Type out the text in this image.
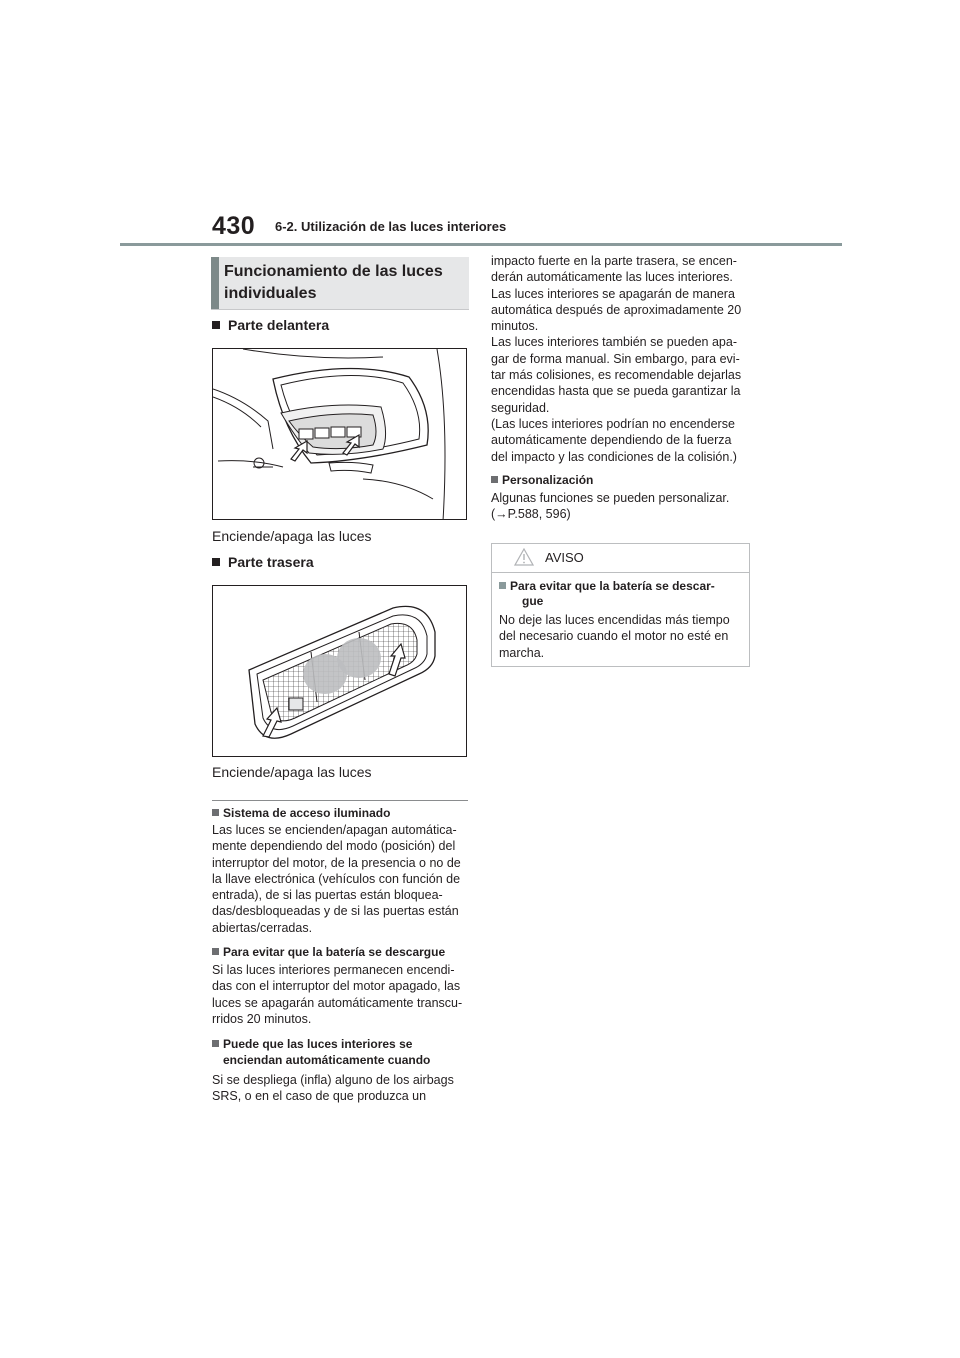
430 6-2. Utilización de las luces interiores
Funcionamiento de las luces
individuales
Parte delantera
Enciende/apaga las luces
Parte trasera
Enciende/apaga las luces
Sistema de acceso iluminado
Las luces se encienden/apagan automática-
mente dependiendo del modo (posición) del
interruptor del motor, de la presencia o no de
la llave electrónica (vehículos con función de
entrada), de si las puertas están bloquea-
das/desbloqueadas y de si las puertas están
abiertas/cerradas.
Para evitar que la batería se descargue
Si las luces interiores permanecen encendi-
das con el interruptor del motor apagado, las
luces se apagarán automáticamente transcu-
rridos 20 minutos.
Puede que las luces interiores se
enciendan automáticamente cuando
Si se despliega (infla) alguno de los airbags
SRS, o en el caso de que produzca un
impacto fuerte en la parte trasera, se encen-
derán automáticamente las luces interiores.
Las luces interiores se apagarán de manera
automática después de aproximadamente 20
minutos.
Las luces interiores también se pueden apa-
gar de forma manual. Sin embargo, para evi-
tar más colisiones, es recomendable dejarlas
encendidas hasta que se pueda garantizar la
seguridad.
(Las luces interiores podrían no encenderse
automáticamente dependiendo de la fuerza
del impacto y las condiciones de la colisión.)
Personalización
Algunas funciones se pueden personalizar.
(→P.588, 596)
AVISO
Para evitar que la batería se descar-
gue
No deje las luces encendidas más tiempo
del necesario cuando el motor no esté en
marcha.
